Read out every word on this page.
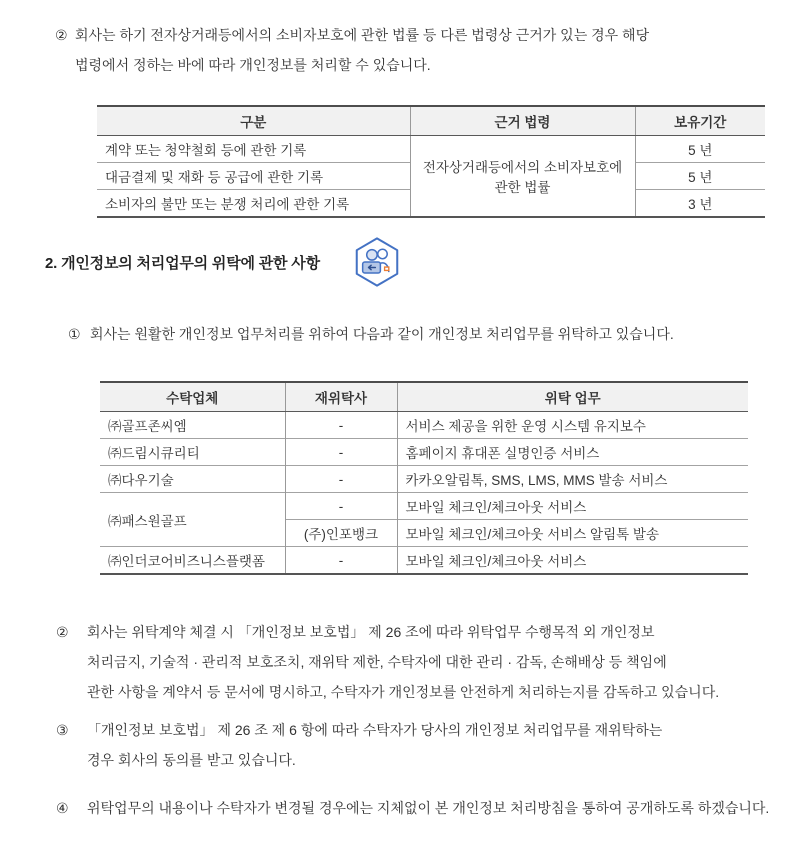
② 회사는 하기 전자상거래등에서의 소비자보호에 관한 법률 등 다른 법령상 근거가 있는 경우 해당 법령에서 정하는 바에 따라 개인정보를 처리할 수 있습니다.
구분	근거 법령	보유기간
계약 또는 청약철회 등에 관한 기록	전자상거래등에서의 소비자보호에 관한 법률	5 년
대금결제 및 재화 등 공급에 관한 기록		5 년
소비자의 불만 또는 분쟁 처리에 관한 기록		3 년
2. 개인정보의 처리업무의 위탁에 관한 사항
① 회사는 원활한 개인정보 업무처리를 위하여 다음과 같이 개인정보 처리업무를 위탁하고 있습니다.
수탁업체	재위탁사	위탁 업무
㈜골프존씨엠	-	서비스 제공을 위한 운영 시스템 유지보수
㈜드림시큐리티	-	홈페이지 휴대폰 실명인증 서비스
㈜다우기술	-	카카오알림톡, SMS, LMS, MMS 발송 서비스
㈜패스원골프	-	모바일 체크인/체크아웃 서비스
	(주)인포뱅크	모바일 체크인/체크아웃 서비스 알림톡 발송
㈜인더코어비즈니스플랫폼	-	모바일 체크인/체크아웃 서비스
②	회사는 위탁계약 체결 시 「개인정보 보호법」 제 26 조에 따라 위탁업무 수행목적 외 개인정보 처리금지, 기술적 · 관리적 보호조치, 재위탁 제한, 수탁자에 대한 관리 · 감독, 손해배상 등 책임에 관한 사항을 계약서 등 문서에 명시하고, 수탁자가 개인정보를 안전하게 처리하는지를 감독하고 있습니다.
③	「개인정보 보호법」 제 26 조 제 6 항에 따라 수탁자가 당사의 개인정보 처리업무를 재위탁하는 경우 회사의 동의를 받고 있습니다.
④	위탁업무의 내용이나 수탁자가 변경될 경우에는 지체없이 본 개인정보 처리방침을 통하여 공개하도록 하겠습니다.
